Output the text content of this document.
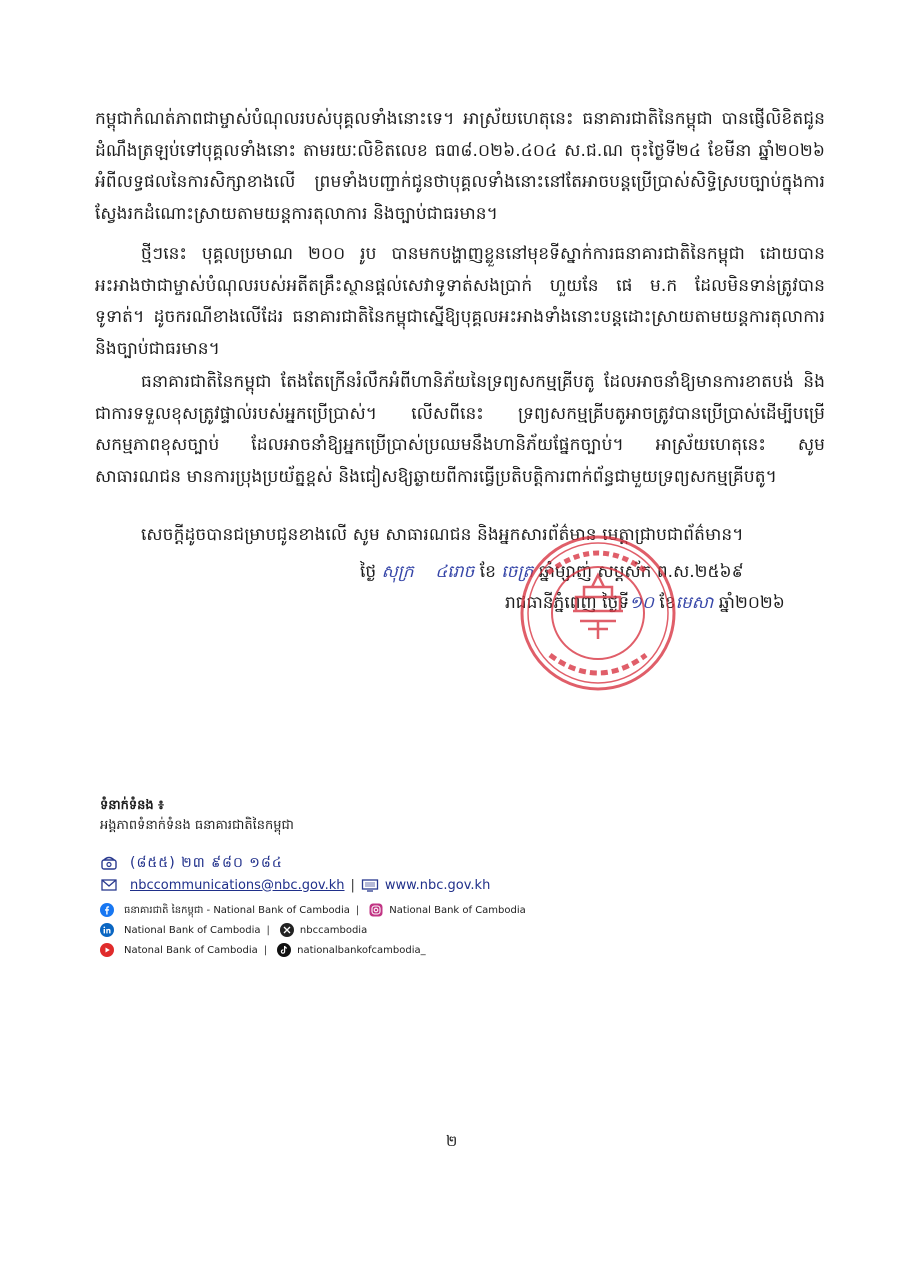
កម្ពុជាកំណត់ភាពជាម្ចាស់បំណុលរបស់បុគ្គលទាំងនោះទេ។ អាស្រ័យហេតុនេះ ធនាគារជាតិនៃកម្ពុជា បានផ្ញើលិខិតជូនដំណឹងត្រឡប់ទៅបុគ្គលទាំងនោះ តាមរយៈលិខិតលេខ ធ៣៨.០២៦.៤០៤ ស.ជ.ណ ចុះថ្ងៃទី២៤ ខែមីនា ឆ្នាំ២០២៦ អំពីលទ្ធផលនៃការសិក្សាខាងលើ ព្រមទាំងបញ្ជាក់ជូនថាបុគ្គលទាំងនោះនៅតែអាចបន្តប្រើប្រាស់សិទ្ធិស្របច្បាប់ក្នុងការស្វែងរកដំណោះស្រាយតាមយន្តការតុលាការ និងច្បាប់ជាធរមាន។

ថ្មីៗនេះ បុគ្គលប្រមាណ ២០០ រូប បានមកបង្ហាញខ្លួននៅមុខទីស្នាក់ការធនាគារជាតិនៃកម្ពុជា ដោយបានអះអាងថាជាម្ចាស់បំណុលរបស់អតីតគ្រឹះស្ថានផ្តល់សេវាទូទាត់សងប្រាក់ ហួយនែ ផេ ម.ក ដែលមិនទាន់ត្រូវបានទូទាត់។ ដូចករណីខាងលើដែរ ធនាគារជាតិនៃកម្ពុជាស្នើឱ្យបុគ្គលអះអាងទាំងនោះបន្តដោះស្រាយតាមយន្តការតុលាការ និងច្បាប់ជាធរមាន។

ធនាគារជាតិនៃកម្ពុជា តែងតែក្រើនរំលឹកអំពីហានិភ័យនៃទ្រព្យសកម្មគ្រីបតូ ដែលអាចនាំឱ្យមានការខាតបង់ និងជាការទទួលខុសត្រូវផ្ទាល់របស់អ្នកប្រើប្រាស់។ លើសពីនេះ ទ្រព្យសកម្មគ្រីបតូអាចត្រូវបានប្រើប្រាស់ដើម្បីបម្រើសកម្មភាពខុសច្បាប់ ដែលអាចនាំឱ្យអ្នកប្រើប្រាស់ប្រឈមនឹងហានិភ័យផ្នែកច្បាប់។ អាស្រ័យហេតុនេះ សូមសាធារណជន មានការប្រុងប្រយ័ត្នខ្ពស់ និងជៀសឱ្យឆ្ងាយពីការធ្វើប្រតិបត្តិការពាក់ព័ន្ធជាមួយទ្រព្យសកម្មគ្រីបតូ។

សេចក្តីដូចបានជម្រាបជូនខាងលើ សូម សាធារណជន និងអ្នកសារព័ត៌មាន មេត្តាជ្រាបជាព័ត៌មាន។

ថ្ងៃ សុក្រ ៤រោច ខែ ចេត្រ ឆ្នាំម្សាញ់ សប្តស័ក ព.ស.២៥៦៩

រាជធានីភ្នំពេញ ថ្ងៃទី១០ ខែមេសា ឆ្នាំ២០២៦

ទំនាក់ទំនង ៖

អង្គភាពទំនាក់ទំនង ធនាគារជាតិនៃកម្ពុជា

(៨៥៥) ២៣ ៩៨០ ១៨៤
nbccommunications@nbc.gov.kh | www.nbc.gov.kh
ធនាគារជាតិ នៃកម្ពុជា - National Bank of Cambodia |	National Bank of Cambodia
National Bank of Cambodia |	nbccambodia
Natonal Bank of Cambodia |	nationalbankofcambodia_

២
